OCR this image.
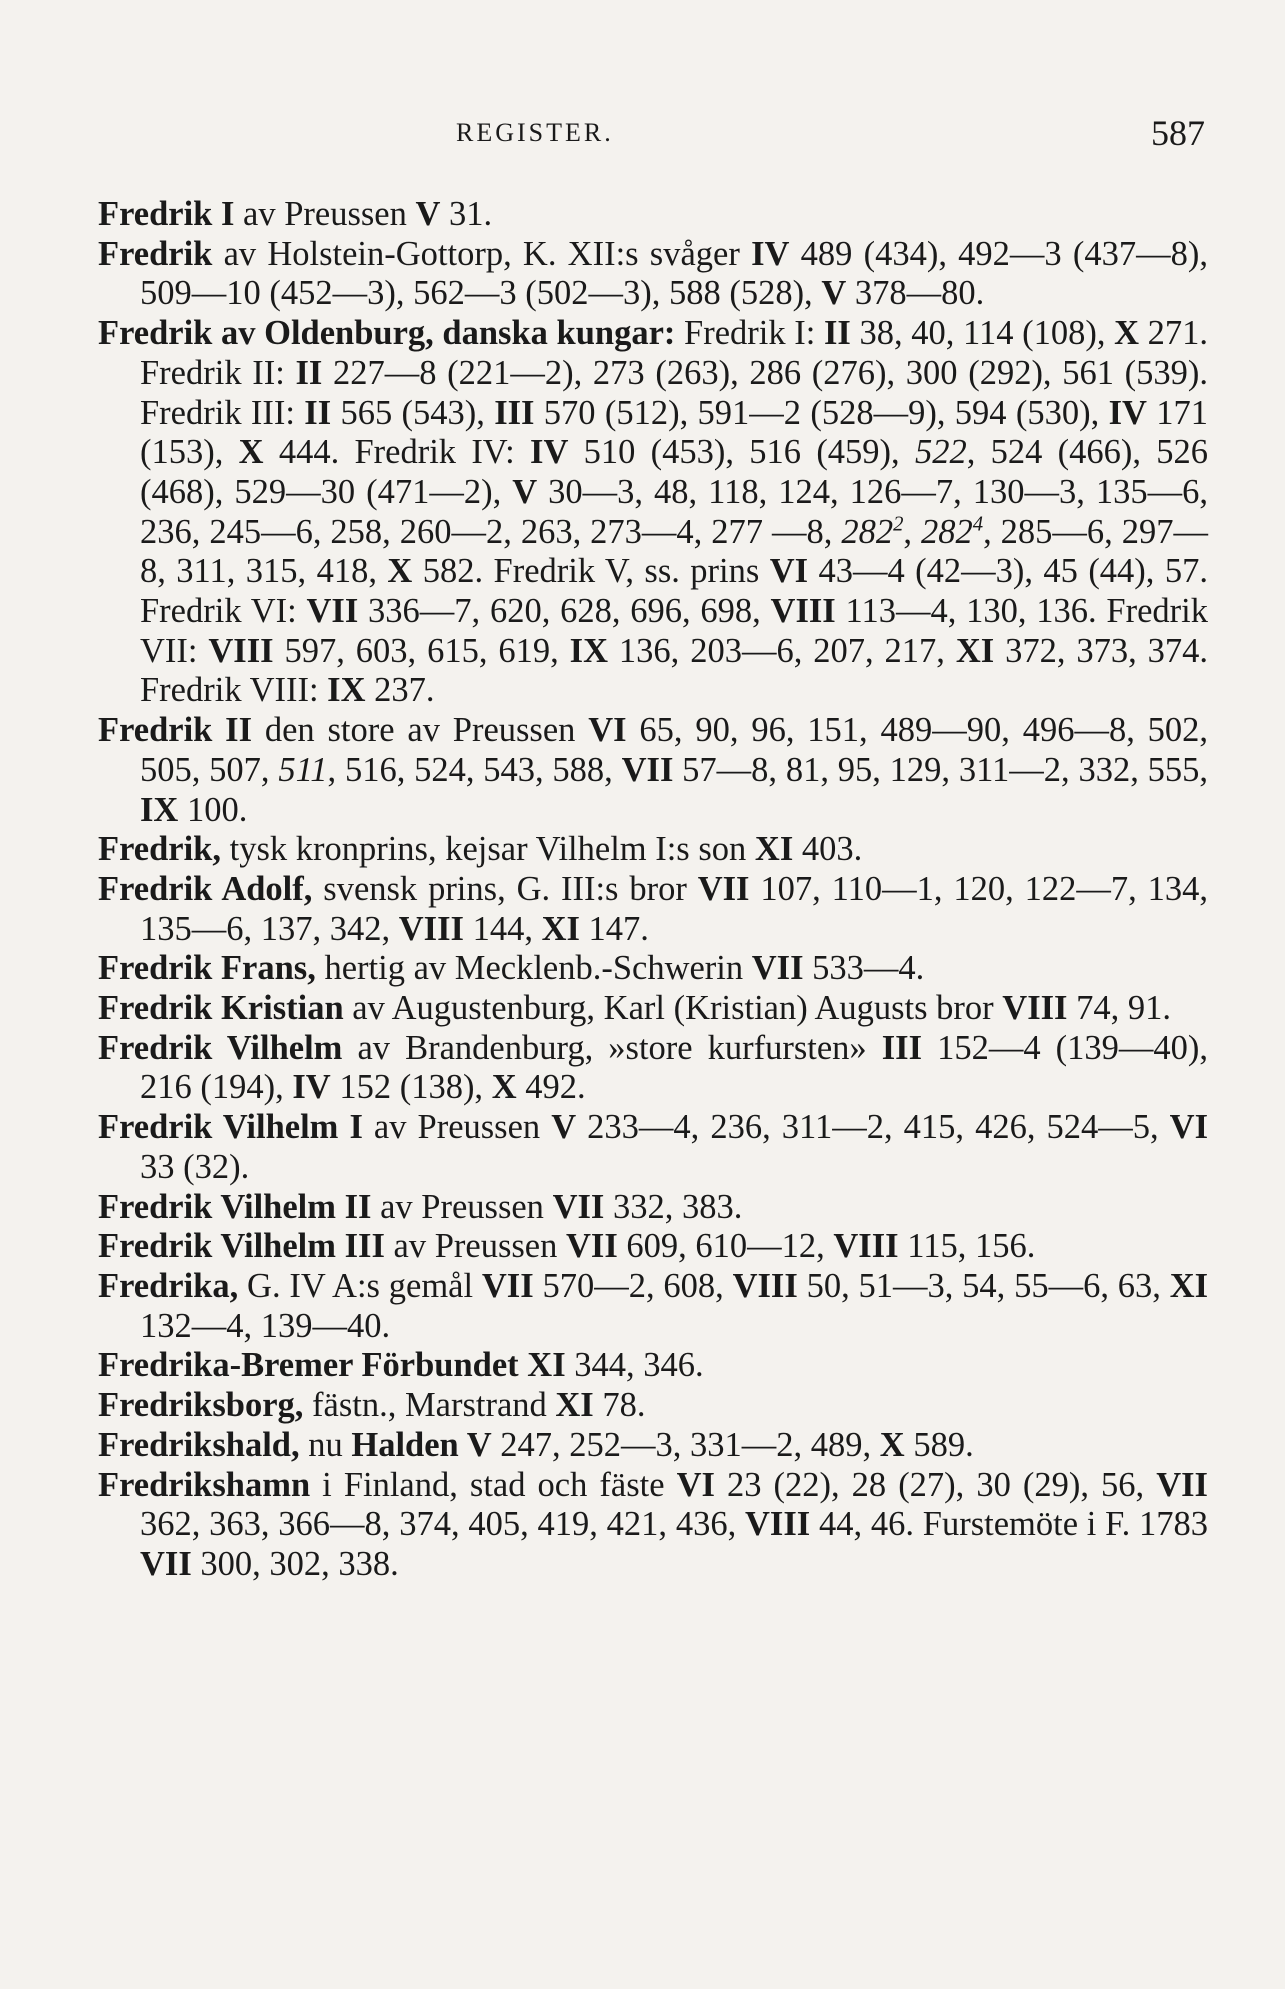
REGISTER.	587

Fredrik I av Preussen V 31.

Fredrik av Holstein-Gottorp, K. XII:s svåger IV 489 (434), 492—3 (437—8), 509—10 (452—3), 562—3 (502—3), 588 (528), V 378—80.

Fredrik av Oldenburg, danska kungar: Fredrik I: II 38, 40, 114 (108), X 271. Fredrik II: II 227—8 (221—2), 273 (263), 286 (276), 300 (292), 561 (539). Fredrik III: II 565 (543), III 570 (512), 591—2 (528—9), 594 (530), IV 171 (153), X 444. Fredrik IV: IV 510 (453), 516 (459), 522, 524 (466), 526 (468), 529—30 (471—2), V 30—3, 48, 118, 124, 126—7, 130—3, 135—6, 236, 245—6, 258, 260—2, 263, 273—4, 277 —8, $282^2$, $282^4$, 285—6, 297—8, 311, 315, 418, X 582. Fredrik V, ss. prins VI 43—4 (42—3), 45 (44), 57. Fredrik VI: VII 336—7, 620, 628, 696, 698, VIII 113—4, 130, 136. Fredrik VII: VIII 597, 603, 615, 619, IX 136, 203—6, 207, 217, XI 372, 373, 374. Fredrik VIII: IX 237.

Fredrik II den store av Preussen VI 65, 90, 96, 151, 489—90, 496—8, 502, 505, 507, 511, 516, 524, 543, 588, VII 57—8, 81, 95, 129, 311—2, 332, 555, IX 100.

Fredrik, tysk kronprins, kejsar Vilhelm I:s son XI 403.

Fredrik Adolf, svensk prins, G. III:s bror VII 107, 110—1, 120, 122—7, 134, 135—6, 137, 342, VIII 144, XI 147.

Fredrik Frans, hertig av Mecklenb.-Schwerin VII 533—4.

Fredrik Kristian av Augustenburg, Karl (Kristian) Augusts bror VIII 74, 91.

Fredrik Vilhelm av Brandenburg, »store kurfursten» III 152—4 (139—40), 216 (194), IV 152 (138), X 492.

Fredrik Vilhelm I av Preussen V 233—4, 236, 311—2, 415, 426, 524—5, VI 33 (32).

Fredrik Vilhelm II av Preussen VII 332, 383.

Fredrik Vilhelm III av Preussen VII 609, 610—12, VIII 115, 156.

Fredrika, G. IV A:s gemål VII 570—2, 608, VIII 50, 51—3, 54, 55—6, 63, XI 132—4, 139—40.

Fredrika-Bremer Förbundet XI 344, 346.

Fredriksborg, fästn., Marstrand XI 78.

Fredrikshald, nu Halden V 247, 252—3, 331—2, 489, X 589.

Fredrikshamn i Finland, stad och fäste VI 23 (22), 28 (27), 30 (29), 56, VII 362, 363, 366—8, 374, 405, 419, 421, 436, VIII 44, 46. Furstemöte i F. 1783 VII 300, 302, 338.
